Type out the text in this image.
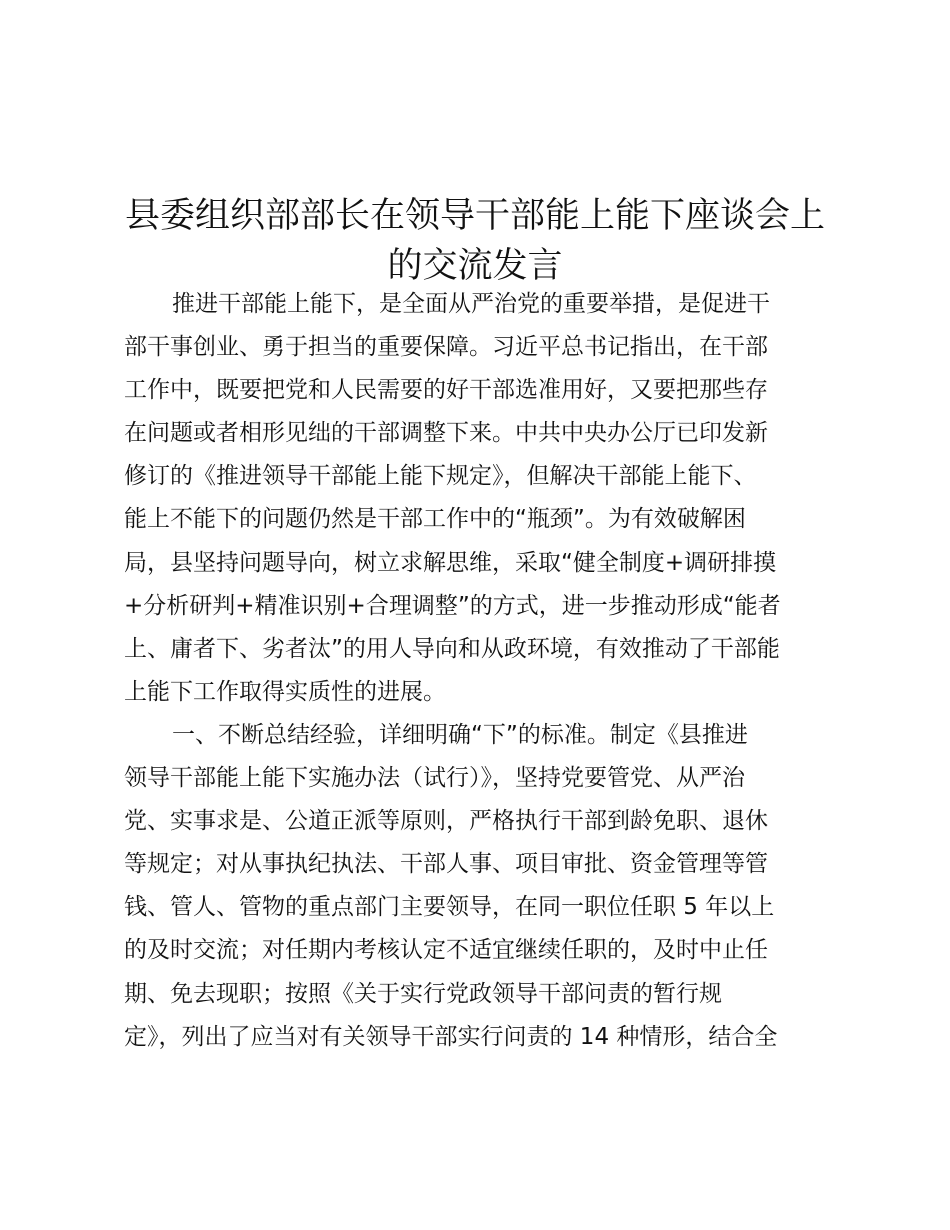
县委组织部部长在领导干部能上能下座谈会上
的交流发言
推进干部能上能下，是全面从严治党的重要举措，是促进干
部干事创业、勇于担当的重要保障。习近平总书记指出，在干部
工作中，既要把党和人民需要的好干部选准用好，又要把那些存
在问题或者相形见绌的干部调整下来。中共中央办公厅已印发新
修订的《推进领导干部能上能下规定》，但解决干部能上能下、
能上不能下的问题仍然是干部工作中的“瓶颈”。为有效破解困
局，县坚持问题导向，树立求解思维，采取“健全制度+调研排摸
+分析研判+精准识别+合理调整”的方式，进一步推动形成“能者
上、庸者下、劣者汰”的用人导向和从政环境，有效推动了干部能
上能下工作取得实质性的进展。
一、不断总结经验，详细明确“下”的标准。制定《县推进
领导干部能上能下实施办法（试行）》，坚持党要管党、从严治
党、实事求是、公道正派等原则，严格执行干部到龄免职、退休
等规定；对从事执纪执法、干部人事、项目审批、资金管理等管
钱、管人、管物的重点部门主要领导，在同一职位任职 5 年以上
的及时交流；对任期内考核认定不适宜继续任职的，及时中止任
期、免去现职；按照《关于实行党政领导干部问责的暂行规
定》，列出了应当对有关领导干部实行问责的 14 种情形，结合全
